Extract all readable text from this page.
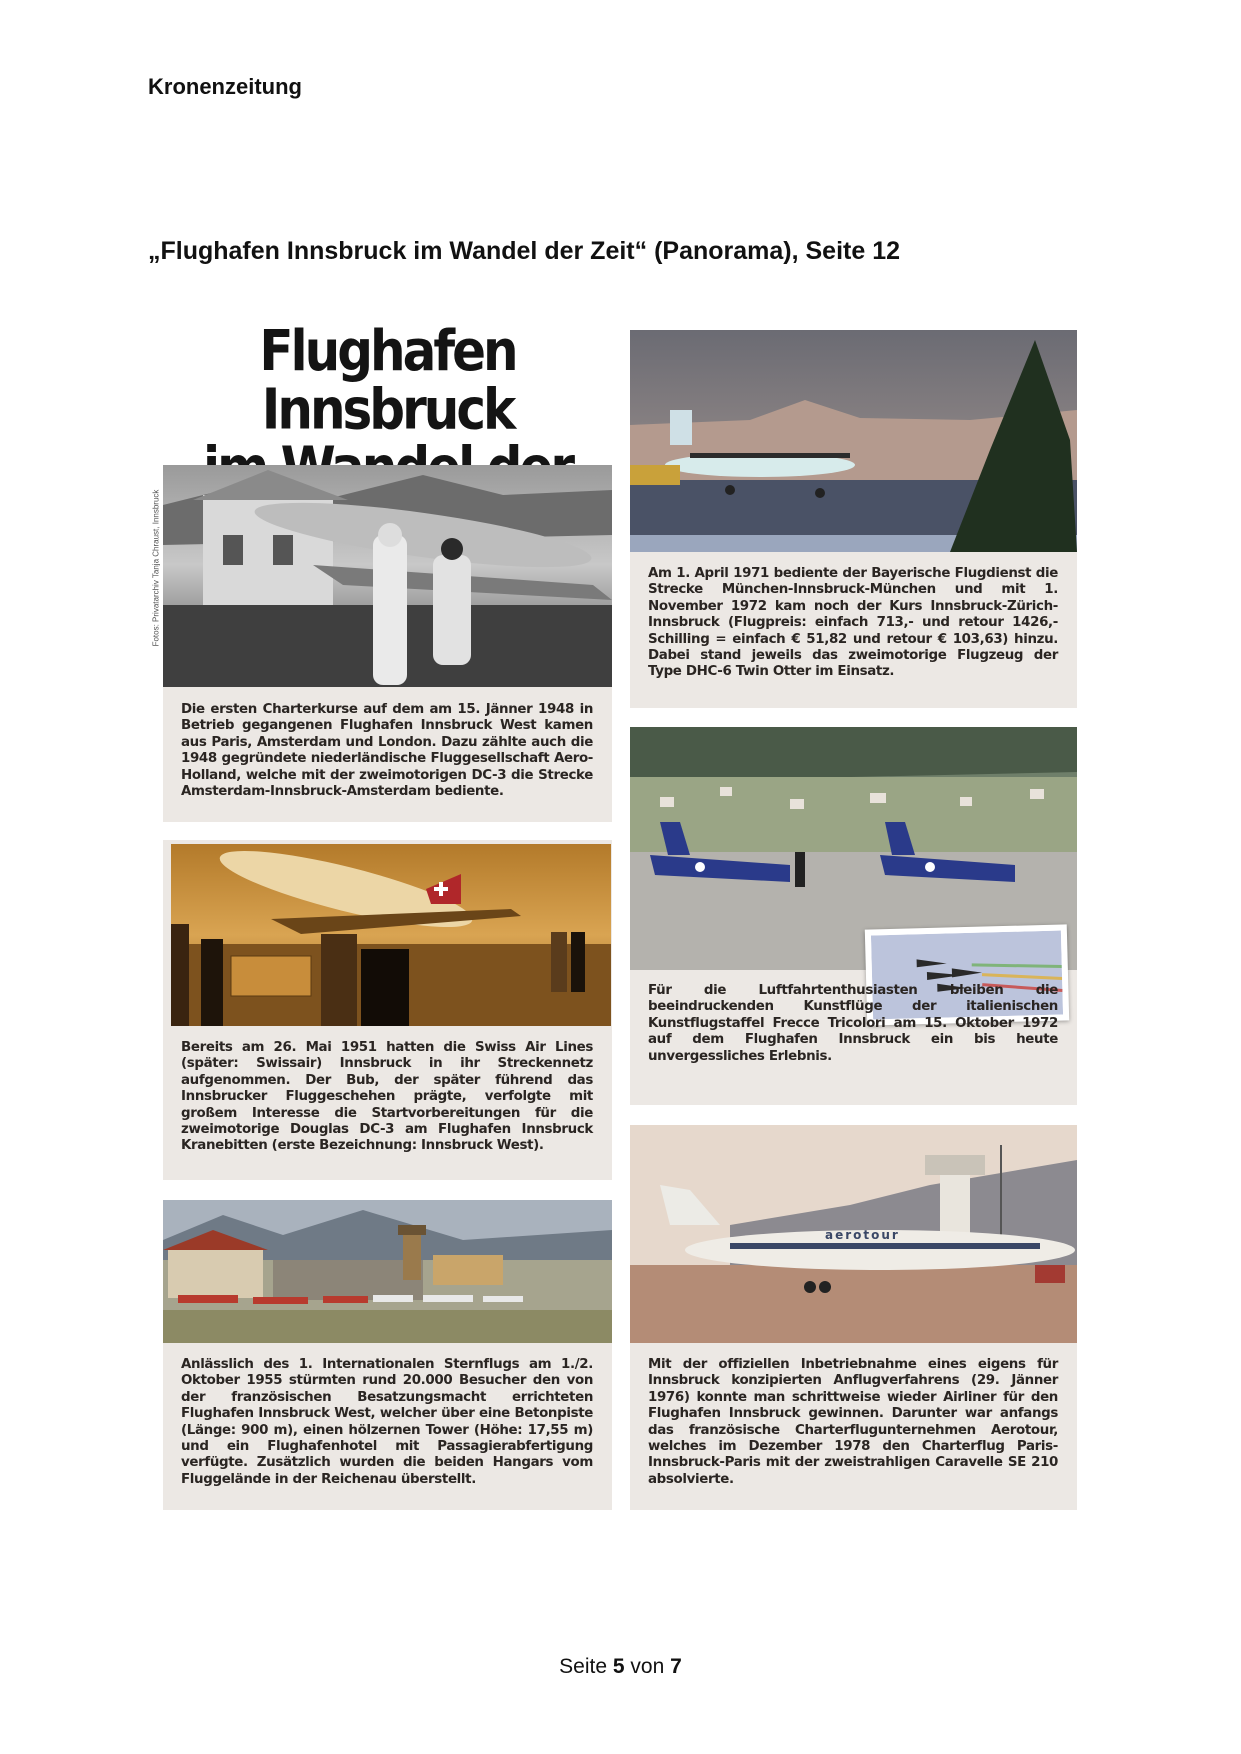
Kronenzeitung
„Flughafen Innsbruck im Wandel der Zeit“ (Panorama), Seite 12
Flughafen Innsbruck
Fotos: Privatarchiv Tanja Chraust, Innsbruck
Die ersten Charterkurse auf dem am 15. Jänner 1948 in Betrieb gegangenen Flughafen Innsbruck West kamen aus Paris, Amsterdam und London. Dazu zählte auch die 1948 gegründete niederländische Fluggesellschaft Aero-Holland, welche mit der zweimotorigen DC-3 die Strecke Amsterdam-Innsbruck-Amsterdam bediente.
Bereits am 26. Mai 1951 hatten die Swiss Air Lines (später: Swissair) Innsbruck in ihr Streckennetz aufgenommen. Der Bub, der später führend das Innsbrucker Fluggeschehen prägte, verfolgte mit großem Interesse die Startvorbereitungen für die zweimotorige Douglas DC-3 am Flughafen Innsbruck Kranebitten (erste Bezeichnung: Innsbruck West).
Anlässlich des 1. Internationalen Sternflugs am 1./2. Oktober 1955 stürmten rund 20.000 Besucher den von der französischen Besatzungsmacht errichteten Flughafen Innsbruck West, welcher über eine Betonpiste (Länge: 900 m), einen hölzernen Tower (Höhe: 17,55 m) und ein Flughafenhotel mit Passagierabfertigung verfügte. Zusätzlich wurden die beiden Hangars vom Fluggelände in der Reichenau überstellt.
Am 1. April 1971 bediente der Bayerische Flugdienst die Strecke München-Innsbruck-München und mit 1. November 1972 kam noch der Kurs Innsbruck-Zürich-Innsbruck (Flugpreis: einfach 713,- und retour 1426,- Schilling = einfach € 51,82 und retour € 103,63) hinzu. Dabei stand jeweils das zweimotorige Flugzeug der Type DHC-6 Twin Otter im Einsatz.
Für die Luftfahrtenthusiasten bleiben die beeindruckenden Kunstflüge der italienischen Kunstflugstaffel Frecce Tricolori am 15. Oktober 1972 auf dem Flughafen Innsbruck ein bis heute unvergessliches Erlebnis.
aerotour
Mit der offiziellen Inbetriebnahme eines eigens für Innsbruck konzipierten Anflugverfahrens (29. Jänner 1976) konnte man schrittweise wieder Airliner für den Flughafen Innsbruck gewinnen. Darunter war anfangs das französische Charterflugunternehmen Aerotour, welches im Dezember 1978 den Charterflug Paris-Innsbruck-Paris mit der zweistrahligen Caravelle SE 210 absolvierte.
Seite 5 von 7
